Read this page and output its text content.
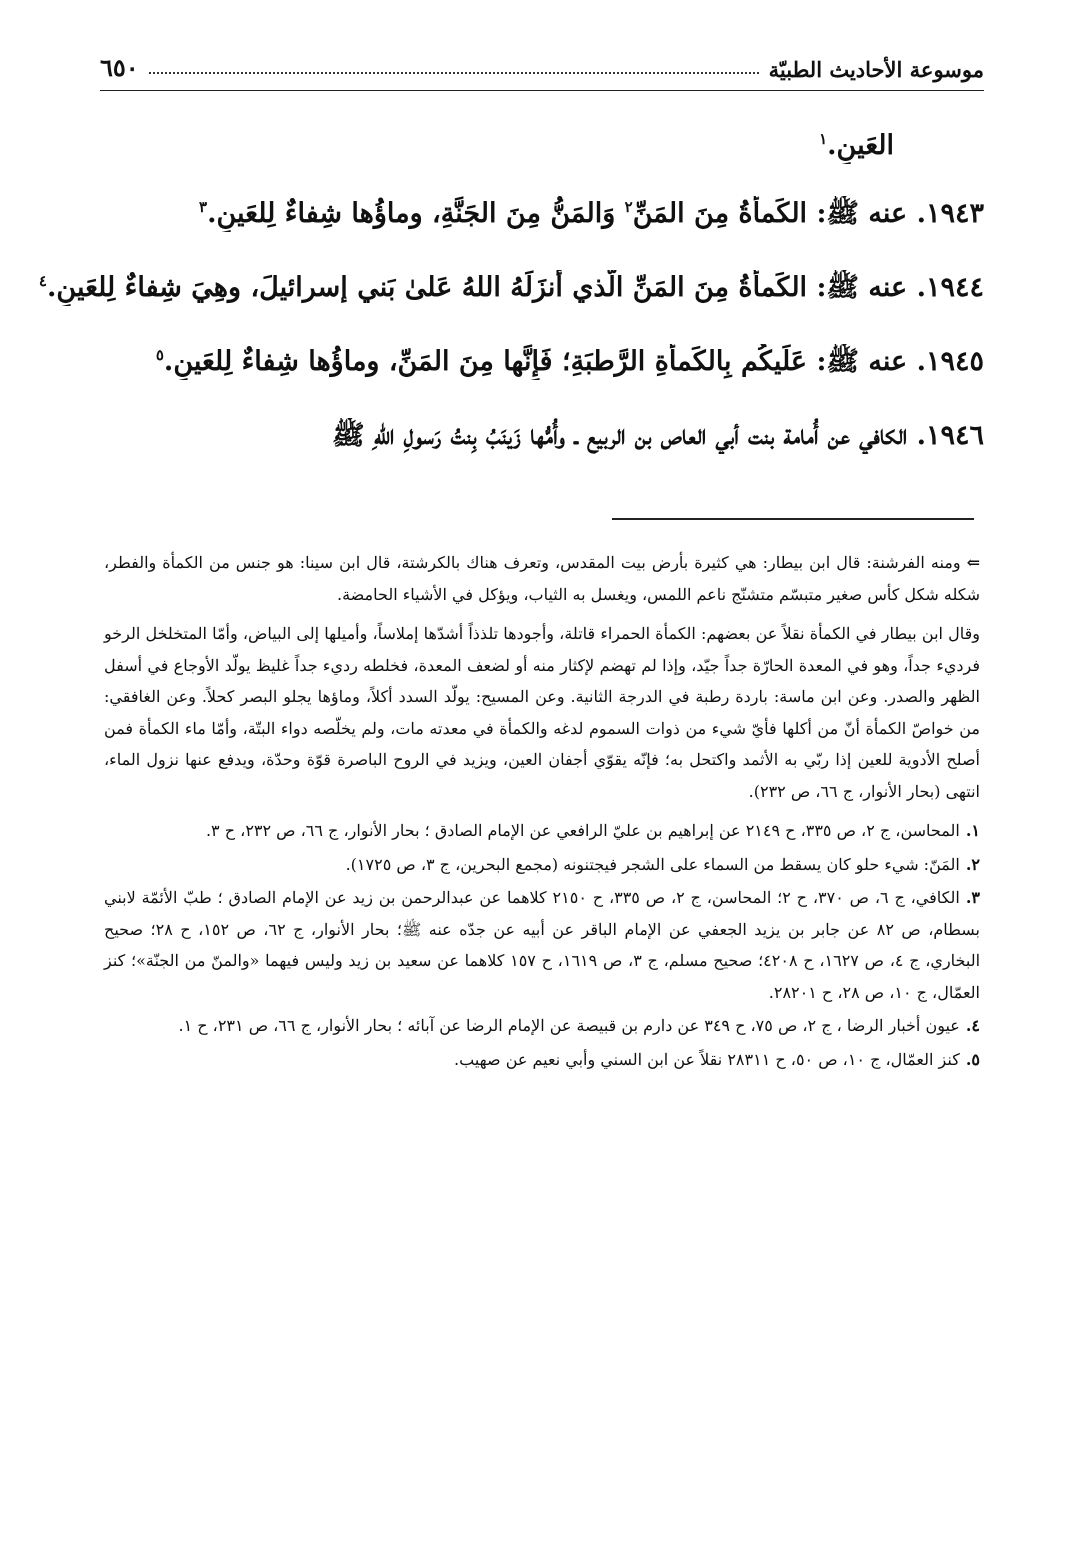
موسوعة الأحاديث الطبيّة
٦٥٠
العَينِ.$^١$
١٩٤٣. عنه ﷺ: الكَمأَةُ مِنَ المَنِّ$^٢$ وَالمَنُّ مِنَ الجَنَّةِ، وماؤُها شِفاءٌ لِلعَينِ.$^٣$
١٩٤٤. عنه ﷺ: الكَمأَةُ مِنَ المَنِّ الَّذي أنزَلَهُ اللهُ عَلىٰ بَني إسرائيلَ، وهِيَ شِفاءٌ لِلعَينِ.$^٤$
١٩٤٥. عنه ﷺ: عَلَيكُم بِالكَمأَةِ الرَّطبَةِ؛ فَإِنَّها مِنَ المَنِّ، وماؤُها شِفاءٌ لِلعَينِ.$^٥$
١٩٤٦. الكافي عن أُمامة بنت أبي العاص بن الربيع ـ وأُمُّها زَينَبُ بِنتُ رَسولِ اللهِ ﷺ

⇐ومنه الفرشنة: قال ابن بيطار: هي كثيرة بأرض بيت المقدس، وتعرف هناك بالكرشتة، قال ابن سينا: هو جنس من الكمأة والفطر، شكله شكل كأس صغير متبسّم متشنّج ناعم اللمس، ويغسل به الثياب، ويؤكل في الأشياء الحامضة.

وقال ابن بيطار في الكمأة نقلاً عن بعضهم: الكمأة الحمراء قاتلة، وأجودها تلذذاً أشدّها إملاساً، وأميلها إلى البياض، وأمّا المتخلخل الرخو فرديء جداً، وهو في المعدة الحارّة جداً جيّد، وإذا لم تهضم لإكثار منه أو لضعف المعدة، فخلطه رديء جداً غليظ يولّد الأوجاع في أسفل الظهر والصدر. وعن ابن ماسة: باردة رطبة في الدرجة الثانية. وعن المسيح: يولّد السدد أكلاً، وماؤها يجلو البصر كحلاً. وعن الغافقي: من خواصّ الكمأة أنّ من أكلها فأيّ شيء من ذوات السموم لدغه والكمأة في معدته مات، ولم يخلّصه دواء البتّة، وأمّا ماء الكمأة فمن أصلح الأدوية للعين إذا ربّي به الأثمد واكتحل به؛ فإنّه يقوّي أجفان العين، ويزيد في الروح الباصرة قوّة وحدّة، ويدفع عنها نزول الماء، انتهى (بحار الأنوار، ج ٦٦، ص ٢٣٢).

١.المحاسن، ج ٢، ص ٣٣٥، ح ٢١٤٩ عن إبراهيم بن عليّ الرافعي عن الإمام الصادق ؛ بحار الأنوار، ج ٦٦، ص ٢٣٢، ح ٣.

٢.المَنّ: شيء حلو كان يسقط من السماء على الشجر فيجتنونه (مجمع البحرين، ج ٣، ص ١٧٢٥).

٣.الكافي، ج ٦، ص ٣٧٠، ح ٢؛ المحاسن، ج ٢، ص ٣٣٥، ح ٢١٥٠ كلاهما عن عبدالرحمن بن زيد عن الإمام الصادق ؛ طبّ الأئمّة لابني بسطام، ص ٨٢ عن جابر بن يزيد الجعفي عن الإمام الباقر عن أبيه عن جدّه عنه ﷺ؛ بحار الأنوار، ج ٦٢، ص ١٥٢، ح ٢٨؛ صحيح البخاري، ج ٤، ص ١٦٢٧، ح ٤٢٠٨؛ صحيح مسلم، ج ٣، ص ١٦١٩، ح ١٥٧ كلاهما عن سعيد بن زيد وليس فيهما «والمنّ من الجنّة»؛ كنز العمّال، ج ١٠، ص ٢٨، ح ٢٨٢٠١.

٤.عيون أخبار الرضا ، ج ٢، ص ٧٥، ح ٣٤٩ عن دارم بن قبيصة عن الإمام الرضا عن آبائه ؛ بحار الأنوار، ج ٦٦، ص ٢٣١، ح ١.

٥.كنز العمّال، ج ١٠، ص ٥٠، ح ٢٨٣١١ نقلاً عن ابن السني وأبي نعيم عن صهيب.
